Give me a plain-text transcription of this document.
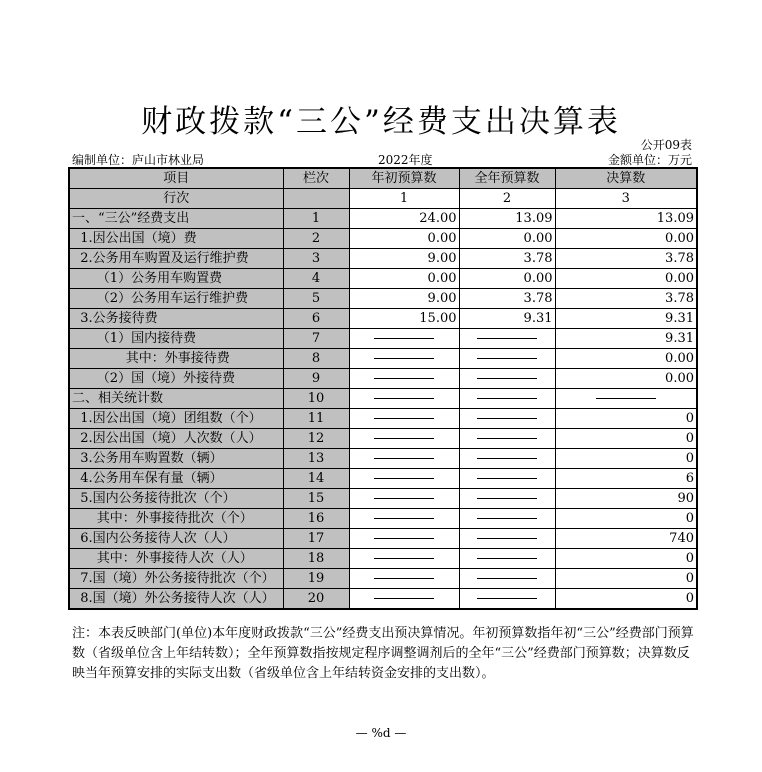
财政拨款“三公”经费支出决算表
公开09表
编制单位：庐山市林业局	2022年度	金额单位：万元
项目	栏次	年初预算数	全年预算数	决算数
行次		1	2	3
一、“三公”经费支出	1	24.00	13.09	13.09
1.因公出国（境）费	2	0.00	0.00	0.00
2.公务用车购置及运行维护费	3	9.00	3.78	3.78
（1）公务用车购置费	4	0.00	0.00	0.00
（2）公务用车运行维护费	5	9.00	3.78	3.78
3.公务接待费	6	15.00	9.31	9.31
（1）国内接待费	7			9.31
其中：外事接待费	8			0.00
（2）国（境）外接待费	9			0.00
二、相关统计数	10			
1.因公出国（境）团组数（个）	11			0
2.因公出国（境）人次数（人）	12			0
3.公务用车购置数（辆）	13			0
4.公务用车保有量（辆）	14			6
5.国内公务接待批次（个）	15			90
其中：外事接待批次（个）	16			0
6.国内公务接待人次（人）	17			740
其中：外事接待人次（人）	18			0
7.国（境）外公务接待批次（个）	19			0
8.国（境）外公务接待人次（人）	20			0
注：本表反映部门(单位)本年度财政拨款“三公”经费支出预决算情况。年初预算数指年初“三公”经费部门预算数（省级单位含上年结转数）；全年预算数指按规定程序调整调剂后的全年“三公”经费部门预算数；决算数反映当年预算安排的实际支出数（省级单位含上年结转资金安排的支出数）。
— %d —
